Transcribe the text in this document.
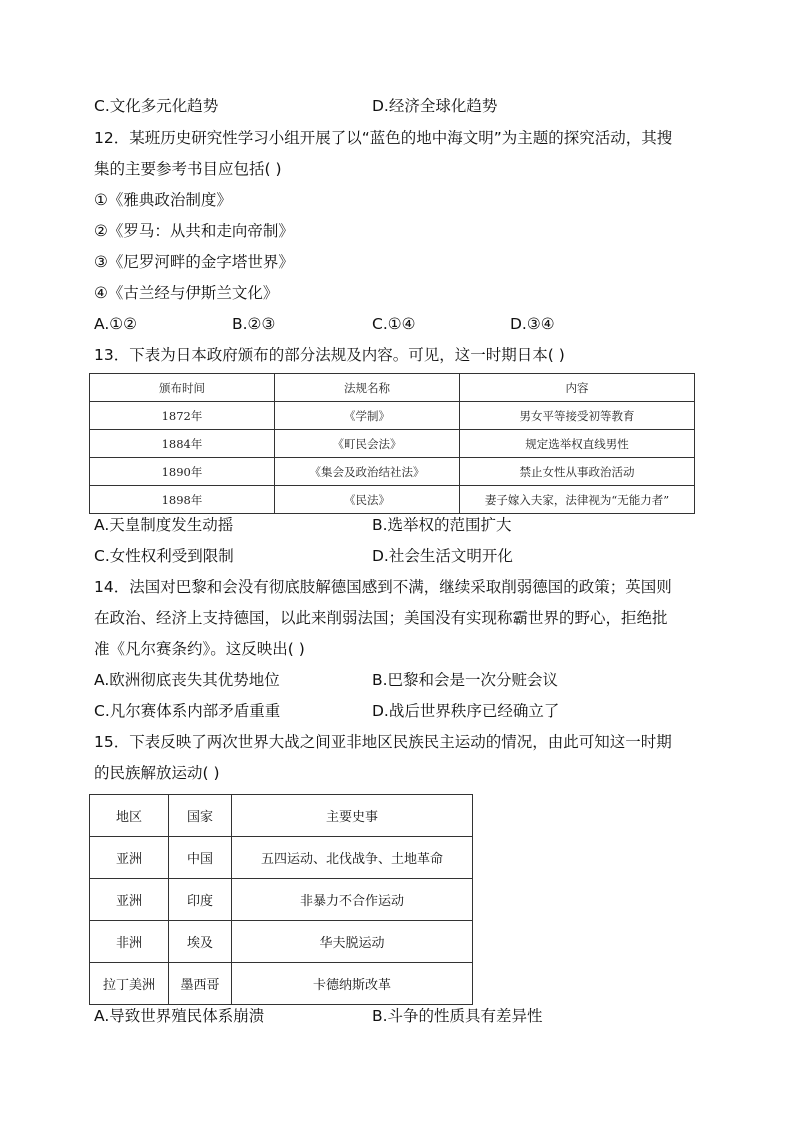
C.文化多元化趋势	D.经济全球化趋势
12．某班历史研究性学习小组开展了以“蓝色的地中海文明”为主题的探究活动，其搜
集的主要参考书目应包括( )
①《雅典政治制度》
②《罗马：从共和走向帝制》
③《尼罗河畔的金字塔世界》
④《古兰经与伊斯兰文化》
A.①②	B.②③	C.①④	D.③④
13．下表为日本政府颁布的部分法规及内容。可见，这一时期日本( )
颁布时间	法规名称	内容
1872年	《学制》	男女平等接受初等教育
1884年	《町民会法》	规定选举权直线男性
1890年	《集会及政治结社法》	禁止女性从事政治活动
1898年	《民法》	妻子嫁入夫家，法律视为“无能力者”
A.天皇制度发生动摇	B.选举权的范围扩大
C.女性权利受到限制	D.社会生活文明开化
14．法国对巴黎和会没有彻底肢解德国感到不满，继续采取削弱德国的政策；英国则
在政治、经济上支持德国，以此来削弱法国；美国没有实现称霸世界的野心，拒绝批
准《凡尔赛条约》。这反映出( )
A.欧洲彻底丧失其优势地位	B.巴黎和会是一次分赃会议
C.凡尔赛体系内部矛盾重重	D.战后世界秩序已经确立了
15．下表反映了两次世界大战之间亚非地区民族民主运动的情况，由此可知这一时期
的民族解放运动( )
地区	国家	主要史事
亚洲	中国	五四运动、北伐战争、土地革命
亚洲	印度	非暴力不合作运动
非洲	埃及	华夫脱运动
拉丁美洲	墨西哥	卡德纳斯改革
A.导致世界殖民体系崩溃	B.斗争的性质具有差异性
